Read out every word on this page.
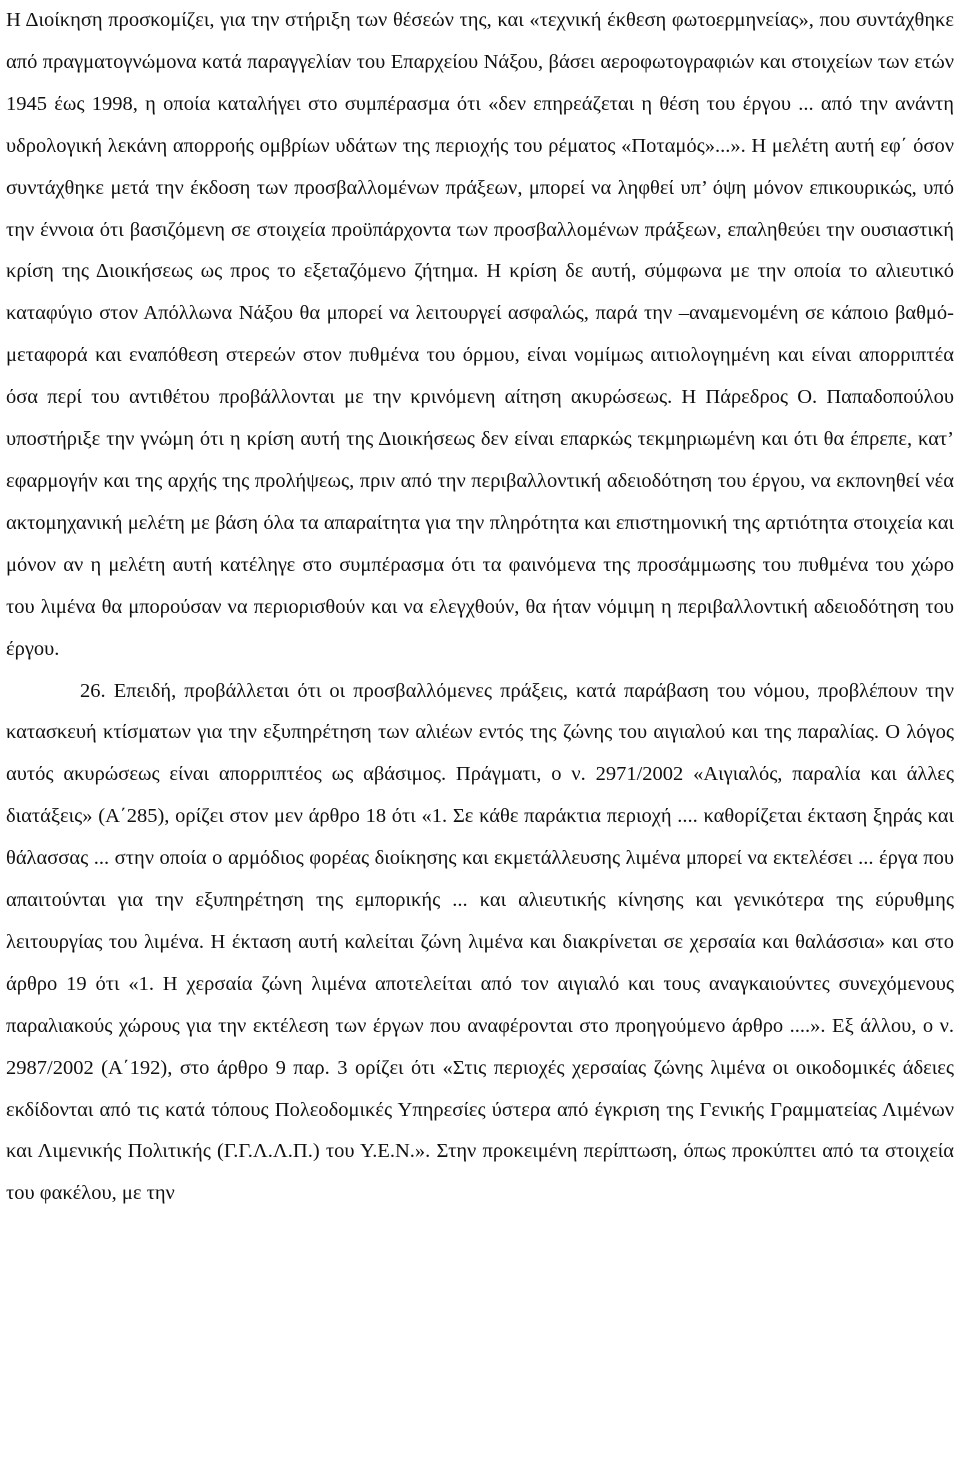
Η Διοίκηση προσκομίζει, για την στήριξη των θέσεών της, και «τεχνική έκθεση φωτοερμηνείας», που συντάχθηκε από πραγματογνώμονα κατά παραγγελίαν του Επαρχείου Νάξου, βάσει αεροφωτογραφιών και στοιχείων των ετών 1945 έως 1998, η οποία καταλήγει στο συμπέρασμα ότι «δεν επηρεάζεται η θέση του έργου ... από την ανάντη υδρολογική λεκάνη απορροής ομβρίων υδάτων της περιοχής του ρέματος «Ποταμός»...». Η μελέτη αυτή εφ΄ όσον συντάχθηκε μετά την έκδοση των προσβαλλομένων πράξεων, μπορεί να ληφθεί υπ’ όψη μόνον επικουρικώς, υπό την έννοια ότι βασιζόμενη σε στοιχεία προϋπάρχοντα των προσβαλλομένων πράξεων, επαληθεύει την ουσιαστική κρίση της Διοικήσεως ως προς το εξεταζόμενο ζήτημα. Η κρίση δε αυτή, σύμφωνα με την οποία το αλιευτικό καταφύγιο στον Απόλλωνα Νάξου θα μπορεί να λειτουργεί ασφαλώς, παρά την –αναμενομένη σε κάποιο βαθμό- μεταφορά και εναπόθεση στερεών στον πυθμένα του όρμου, είναι νομίμως αιτιολογημένη και είναι απορριπτέα όσα περί του αντιθέτου προβάλλονται με την κρινόμενη αίτηση ακυρώσεως. Η Πάρεδρος Ο. Παπαδοπούλου υποστήριξε την γνώμη ότι η κρίση αυτή της Διοικήσεως δεν είναι επαρκώς τεκμηριωμένη και ότι θα έπρεπε, κατ’ εφαρμογήν και της αρχής της προλήψεως, πριν από την περιβαλλοντική αδειοδότηση του έργου, να εκπονηθεί νέα ακτομηχανική μελέτη με βάση όλα τα απαραίτητα για την πληρότητα και επιστημονική της αρτιότητα στοιχεία και μόνον αν η μελέτη αυτή κατέληγε στο συμπέρασμα ότι τα φαινόμενα της προσάμμωσης του πυθμένα του χώρο του λιμένα θα μπορούσαν να περιορισθούν και να ελεγχθούν, θα ήταν νόμιμη η περιβαλλοντική αδειοδότηση του έργου.

26. Επειδή, προβάλλεται ότι οι προσβαλλόμενες πράξεις, κατά παράβαση του νόμου, προβλέπουν την κατασκευή κτίσματων για την εξυπηρέτηση των αλιέων εντός της ζώνης του αιγιαλού και της παραλίας. Ο λόγος αυτός ακυρώσεως είναι απορριπτέος ως αβάσιμος. Πράγματι, ο ν. 2971/2002 «Αιγιαλός, παραλία και άλλες διατάξεις» (Α΄285), ορίζει στον μεν άρθρο 18 ότι «1. Σε κάθε παράκτια περιοχή .... καθορίζεται έκταση ξηράς και θάλασσας ... στην οποία ο αρμόδιος φορέας διοίκησης και εκμετάλλευσης λιμένα μπορεί να εκτελέσει ... έργα που απαιτούνται για την εξυπηρέτηση της εμπορικής ... και αλιευτικής κίνησης και γενικότερα της εύρυθμης λειτουργίας του λιμένα. Η έκταση αυτή καλείται ζώνη λιμένα και διακρίνεται σε χερσαία και θαλάσσια» και στο άρθρο 19 ότι «1. Η χερσαία ζώνη λιμένα αποτελείται από τον αιγιαλό και τους αναγκαιούντες συνεχόμενους παραλιακούς χώρους για την εκτέλεση των έργων που αναφέρονται στο προηγούμενο άρθρο ....». Εξ άλλου, ο ν. 2987/2002 (Α΄192), στο άρθρο 9 παρ. 3 ορίζει ότι «Στις περιοχές χερσαίας ζώνης λιμένα οι οικοδομικές άδειες εκδίδονται από τις κατά τόπους Πολεοδομικές Υπηρεσίες ύστερα από έγκριση της Γενικής Γραμματείας Λιμένων και Λιμενικής Πολιτικής (Γ.Γ.Λ.Λ.Π.) του Υ.Ε.Ν.». Στην προκειμένη περίπτωση, όπως προκύπτει από τα στοιχεία του φακέλου, με την
